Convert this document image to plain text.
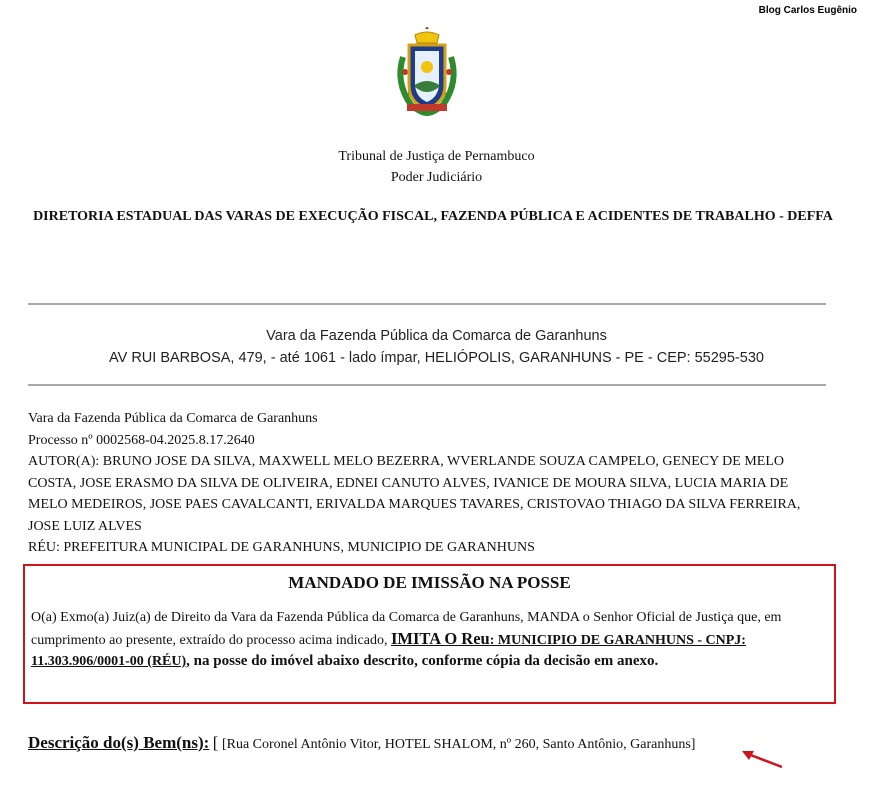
Blog Carlos Eugênio
Tribunal de Justiça de Pernambuco
Poder Judiciário
DIRETORIA ESTADUAL DAS VARAS DE EXECUÇÃO FISCAL, FAZENDA PÚBLICA E ACIDENTES DE TRABALHO - DEFFA
Vara da Fazenda Pública da Comarca de Garanhuns
AV RUI BARBOSA, 479, - até 1061 - lado ímpar, HELIÓPOLIS, GARANHUNS - PE - CEP: 55295-530
Vara da Fazenda Pública da Comarca de Garanhuns
Processo nº 0002568-04.2025.8.17.2640
AUTOR(A): BRUNO JOSE DA SILVA, MAXWELL MELO BEZERRA, WVERLANDE SOUZA CAMPELO, GENECY DE MELO COSTA, JOSE ERASMO DA SILVA DE OLIVEIRA, EDNEI CANUTO ALVES, IVANICE DE MOURA SILVA, LUCIA MARIA DE MELO MEDEIROS, JOSE PAES CAVALCANTI, ERIVALDA MARQUES TAVARES, CRISTOVAO THIAGO DA SILVA FERREIRA, JOSE LUIZ ALVES
RÉU: PREFEITURA MUNICIPAL DE GARANHUNS, MUNICIPIO DE GARANHUNS
MANDADO DE IMISSÃO NA POSSE
O(a) Exmo(a) Juiz(a) de Direito da Vara da Fazenda Pública da Comarca de Garanhuns, MANDA o Senhor Oficial de Justiça que, em cumprimento ao presente, extraído do processo acima indicado, IMITA O Reu: MUNICIPIO DE GARANHUNS - CNPJ: 11.303.906/0001-00 (RÉU), na posse do imóvel abaixo descrito, conforme cópia da decisão em anexo.
Descrição do(s) Bem(ns): [ [Rua Coronel Antônio Vitor, HOTEL SHALOM, nº 260, Santo Antônio, Garanhuns]
